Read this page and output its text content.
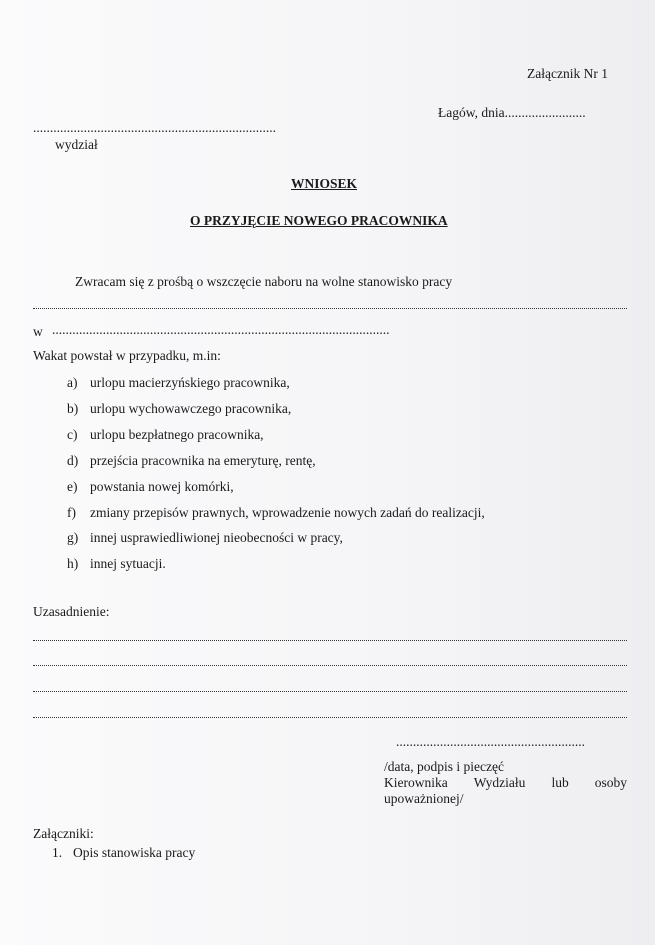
Załącznik Nr 1
Łagów, dnia........................
........................................................................
wydział
WNIOSEK
O PRZYJĘCIE NOWEGO PRACOWNIKA
Zwracam się z prośbą o wszczęcie naboru na wolne stanowisko pracy
w ....................................................................................................
Wakat powstał w przypadku, m.in:
a) urlopu macierzyńskiego pracownika,
b) urlopu wychowawczego pracownika,
c) urlopu bezpłatnego pracownika,
d) przejścia pracownika na emeryturę, rentę,
e) powstania nowej komórki,
f) zmiany przepisów prawnych, wprowadzenie nowych zadań do realizacji,
g) innej usprawiedliwionej nieobecności w pracy,
h) innej sytuacji.
Uzasadnienie:
........................................................
/data, podpis i pieczęć
Kierownika Wydziału lub osoby
upoważnionej/
Załączniki:
1. Opis stanowiska pracy
